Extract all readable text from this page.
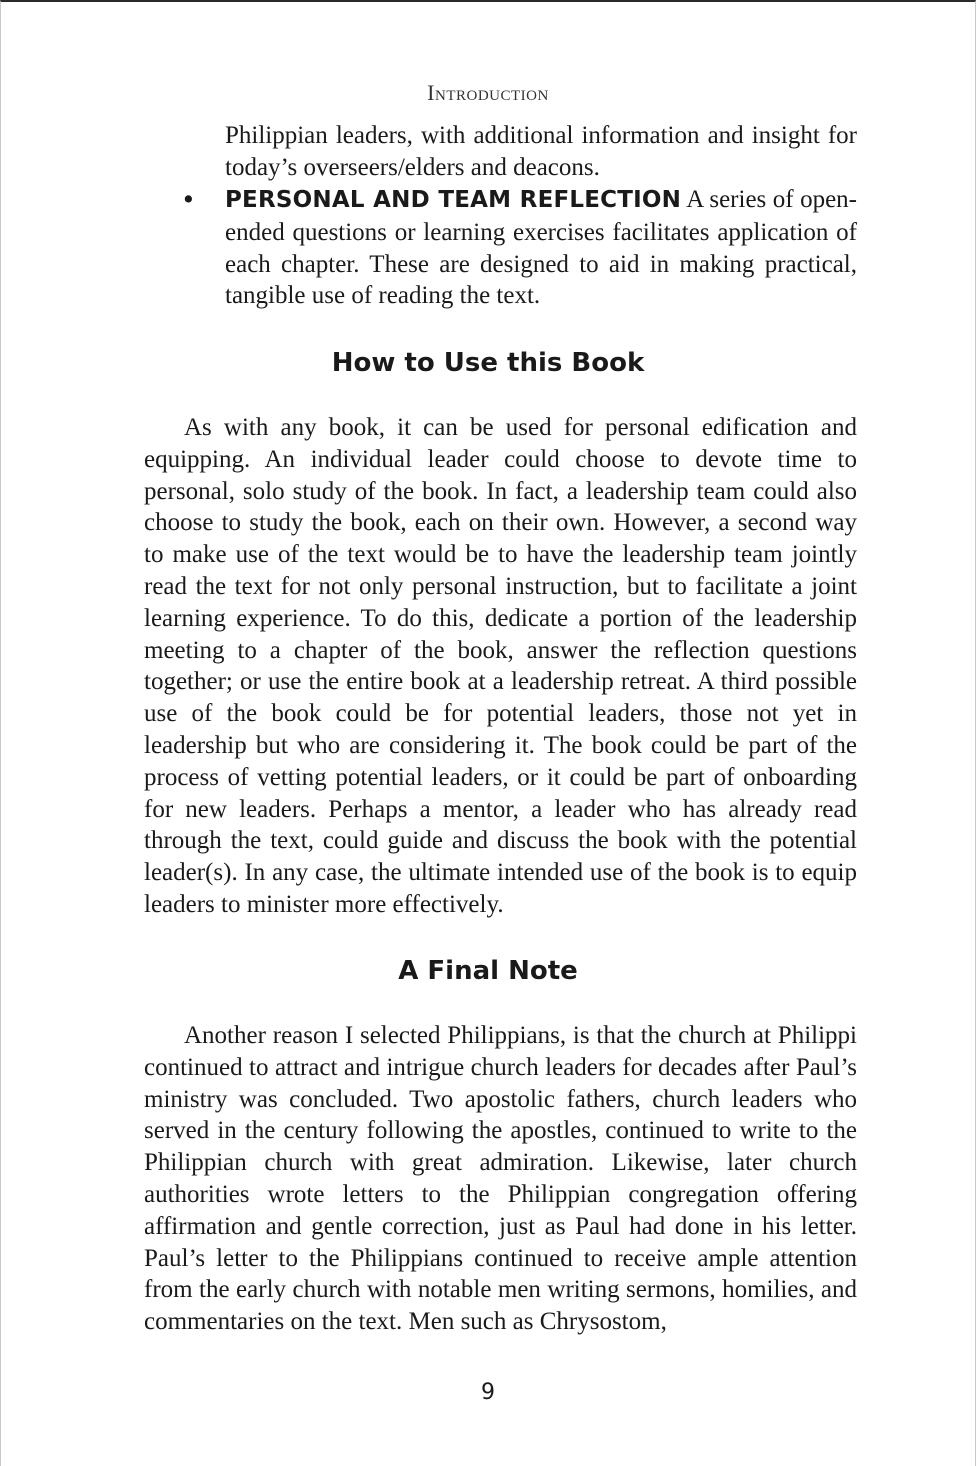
Introduction
Philippian leaders, with additional information and insight for today’s overseers/elders and deacons.
• PERSONAL AND TEAM REFLECTION A series of open-ended questions or learning exercises facilitates application of each chapter. These are designed to aid in making practical, tangible use of reading the text.
How to Use this Book
As with any book, it can be used for personal edification and equipping. An individual leader could choose to devote time to personal, solo study of the book. In fact, a leadership team could also choose to study the book, each on their own. However, a second way to make use of the text would be to have the leadership team jointly read the text for not only personal instruction, but to facilitate a joint learning experience. To do this, dedicate a portion of the leadership meeting to a chapter of the book, answer the reflection questions together; or use the entire book at a leadership retreat. A third possible use of the book could be for potential leaders, those not yet in leadership but who are considering it. The book could be part of the process of vetting potential leaders, or it could be part of onboarding for new leaders. Perhaps a mentor, a leader who has already read through the text, could guide and discuss the book with the potential leader(s). In any case, the ultimate intended use of the book is to equip leaders to minister more effectively.
A Final Note
Another reason I selected Philippians, is that the church at Philippi continued to attract and intrigue church leaders for decades after Paul’s ministry was concluded. Two apostolic fathers, church leaders who served in the century following the apostles, continued to write to the Philippian church with great admiration. Likewise, later church authorities wrote letters to the Philippian congregation offering affirmation and gentle correction, just as Paul had done in his letter. Paul’s letter to the Philippians continued to receive ample attention from the early church with notable men writing sermons, homilies, and commentaries on the text. Men such as Chrysostom,
9
